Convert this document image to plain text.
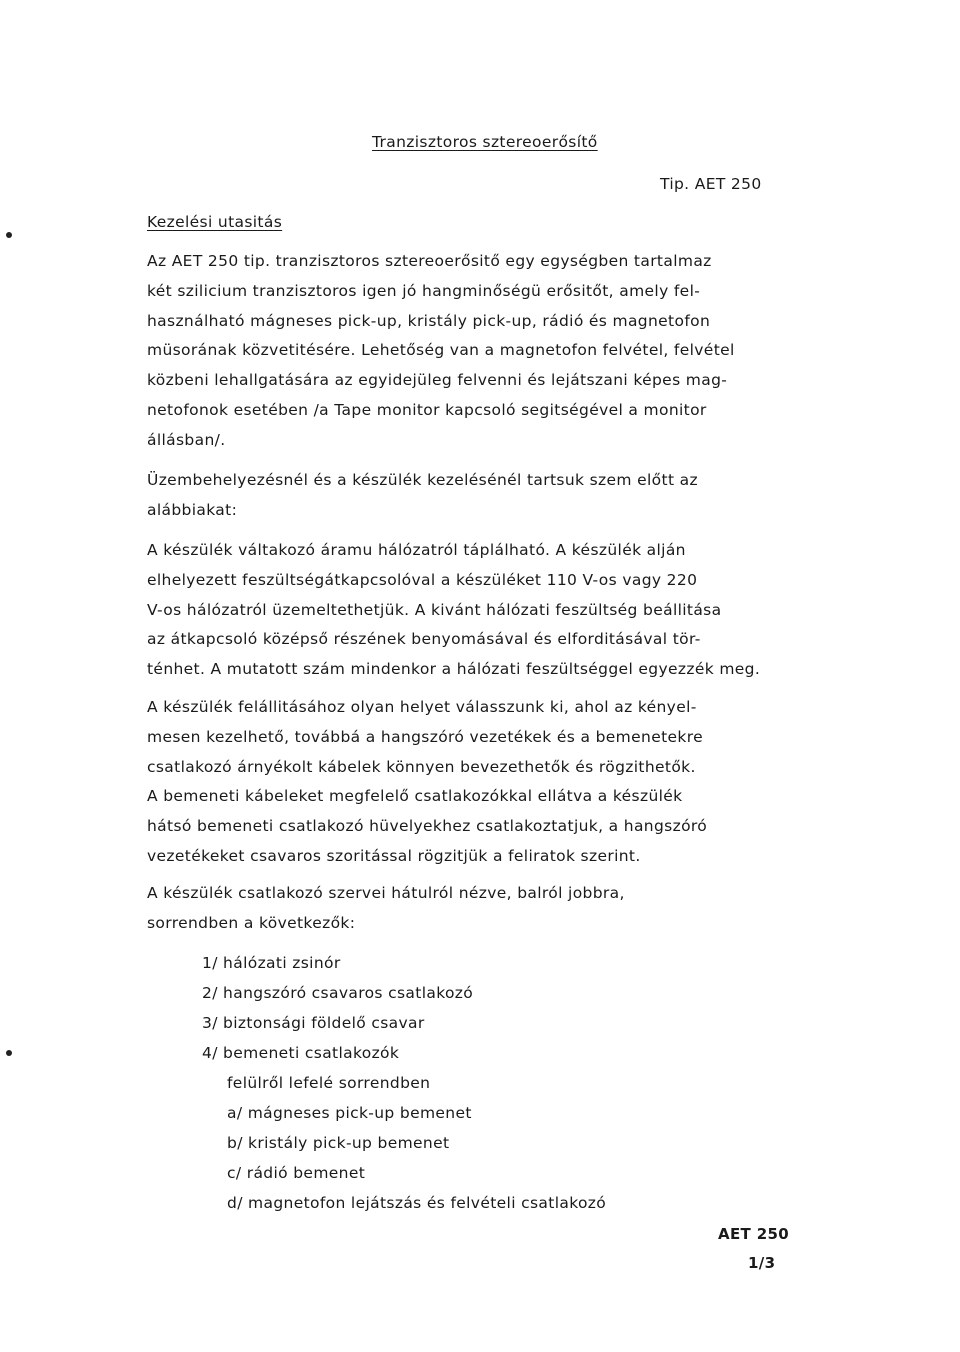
Tranzisztoros sztereoerősítő
Tip. AET 250
Kezelési utasitás
Az AET 250 tip. tranzisztoros sztereoerősitő egy egységben tartalmaz
két szilicium tranzisztoros igen jó hangminőségü erősitőt, amely fel-
használható mágneses pick-up, kristály pick-up, rádió és magnetofon
müsorának közvetitésére. Lehetőség van a magnetofon felvétel, felvétel
közbeni lehallgatására az egyidejüleg felvenni és lejátszani képes mag-
netofonok esetében /a Tape monitor kapcsoló segitségével a monitor
állásban/.
Üzembehelyezésnél és a készülék kezelésénél tartsuk szem előtt az
alábbiakat:
A készülék váltakozó áramu hálózatról táplálható. A készülék alján
elhelyezett feszültségátkapcsolóval a készüléket 110 V-os vagy 220
V-os hálózatról üzemeltethetjük. A kivánt hálózati feszültség beállitása
az átkapcsoló középső részének benyomásával és elforditásával tör-
ténhet. A mutatott szám mindenkor a hálózati feszültséggel egyezzék meg.
A készülék felállitásához olyan helyet válasszunk ki, ahol az kényel-
mesen kezelhető, továbbá a hangszóró vezetékek és a bemenetekre
csatlakozó árnyékolt kábelek könnyen bevezethetők és rögzithetők.
A bemeneti kábeleket megfelelő csatlakozókkal ellátva a készülék
hátsó bemeneti csatlakozó hüvelyekhez csatlakoztatjuk, a hangszóró
vezetékeket csavaros szoritással rögzitjük a feliratok szerint.
A készülék csatlakozó szervei hátulról nézve, balról jobbra,
sorrendben a következők:
1/ hálózati zsinór
2/ hangszóró csavaros csatlakozó
3/ biztonsági földelő csavar
4/ bemeneti csatlakozók
felülről lefelé sorrendben
a/ mágneses pick-up bemenet
b/ kristály pick-up bemenet
c/ rádió bemenet
d/ magnetofon lejátszás és felvételi csatlakozó
AET 250
1/3
